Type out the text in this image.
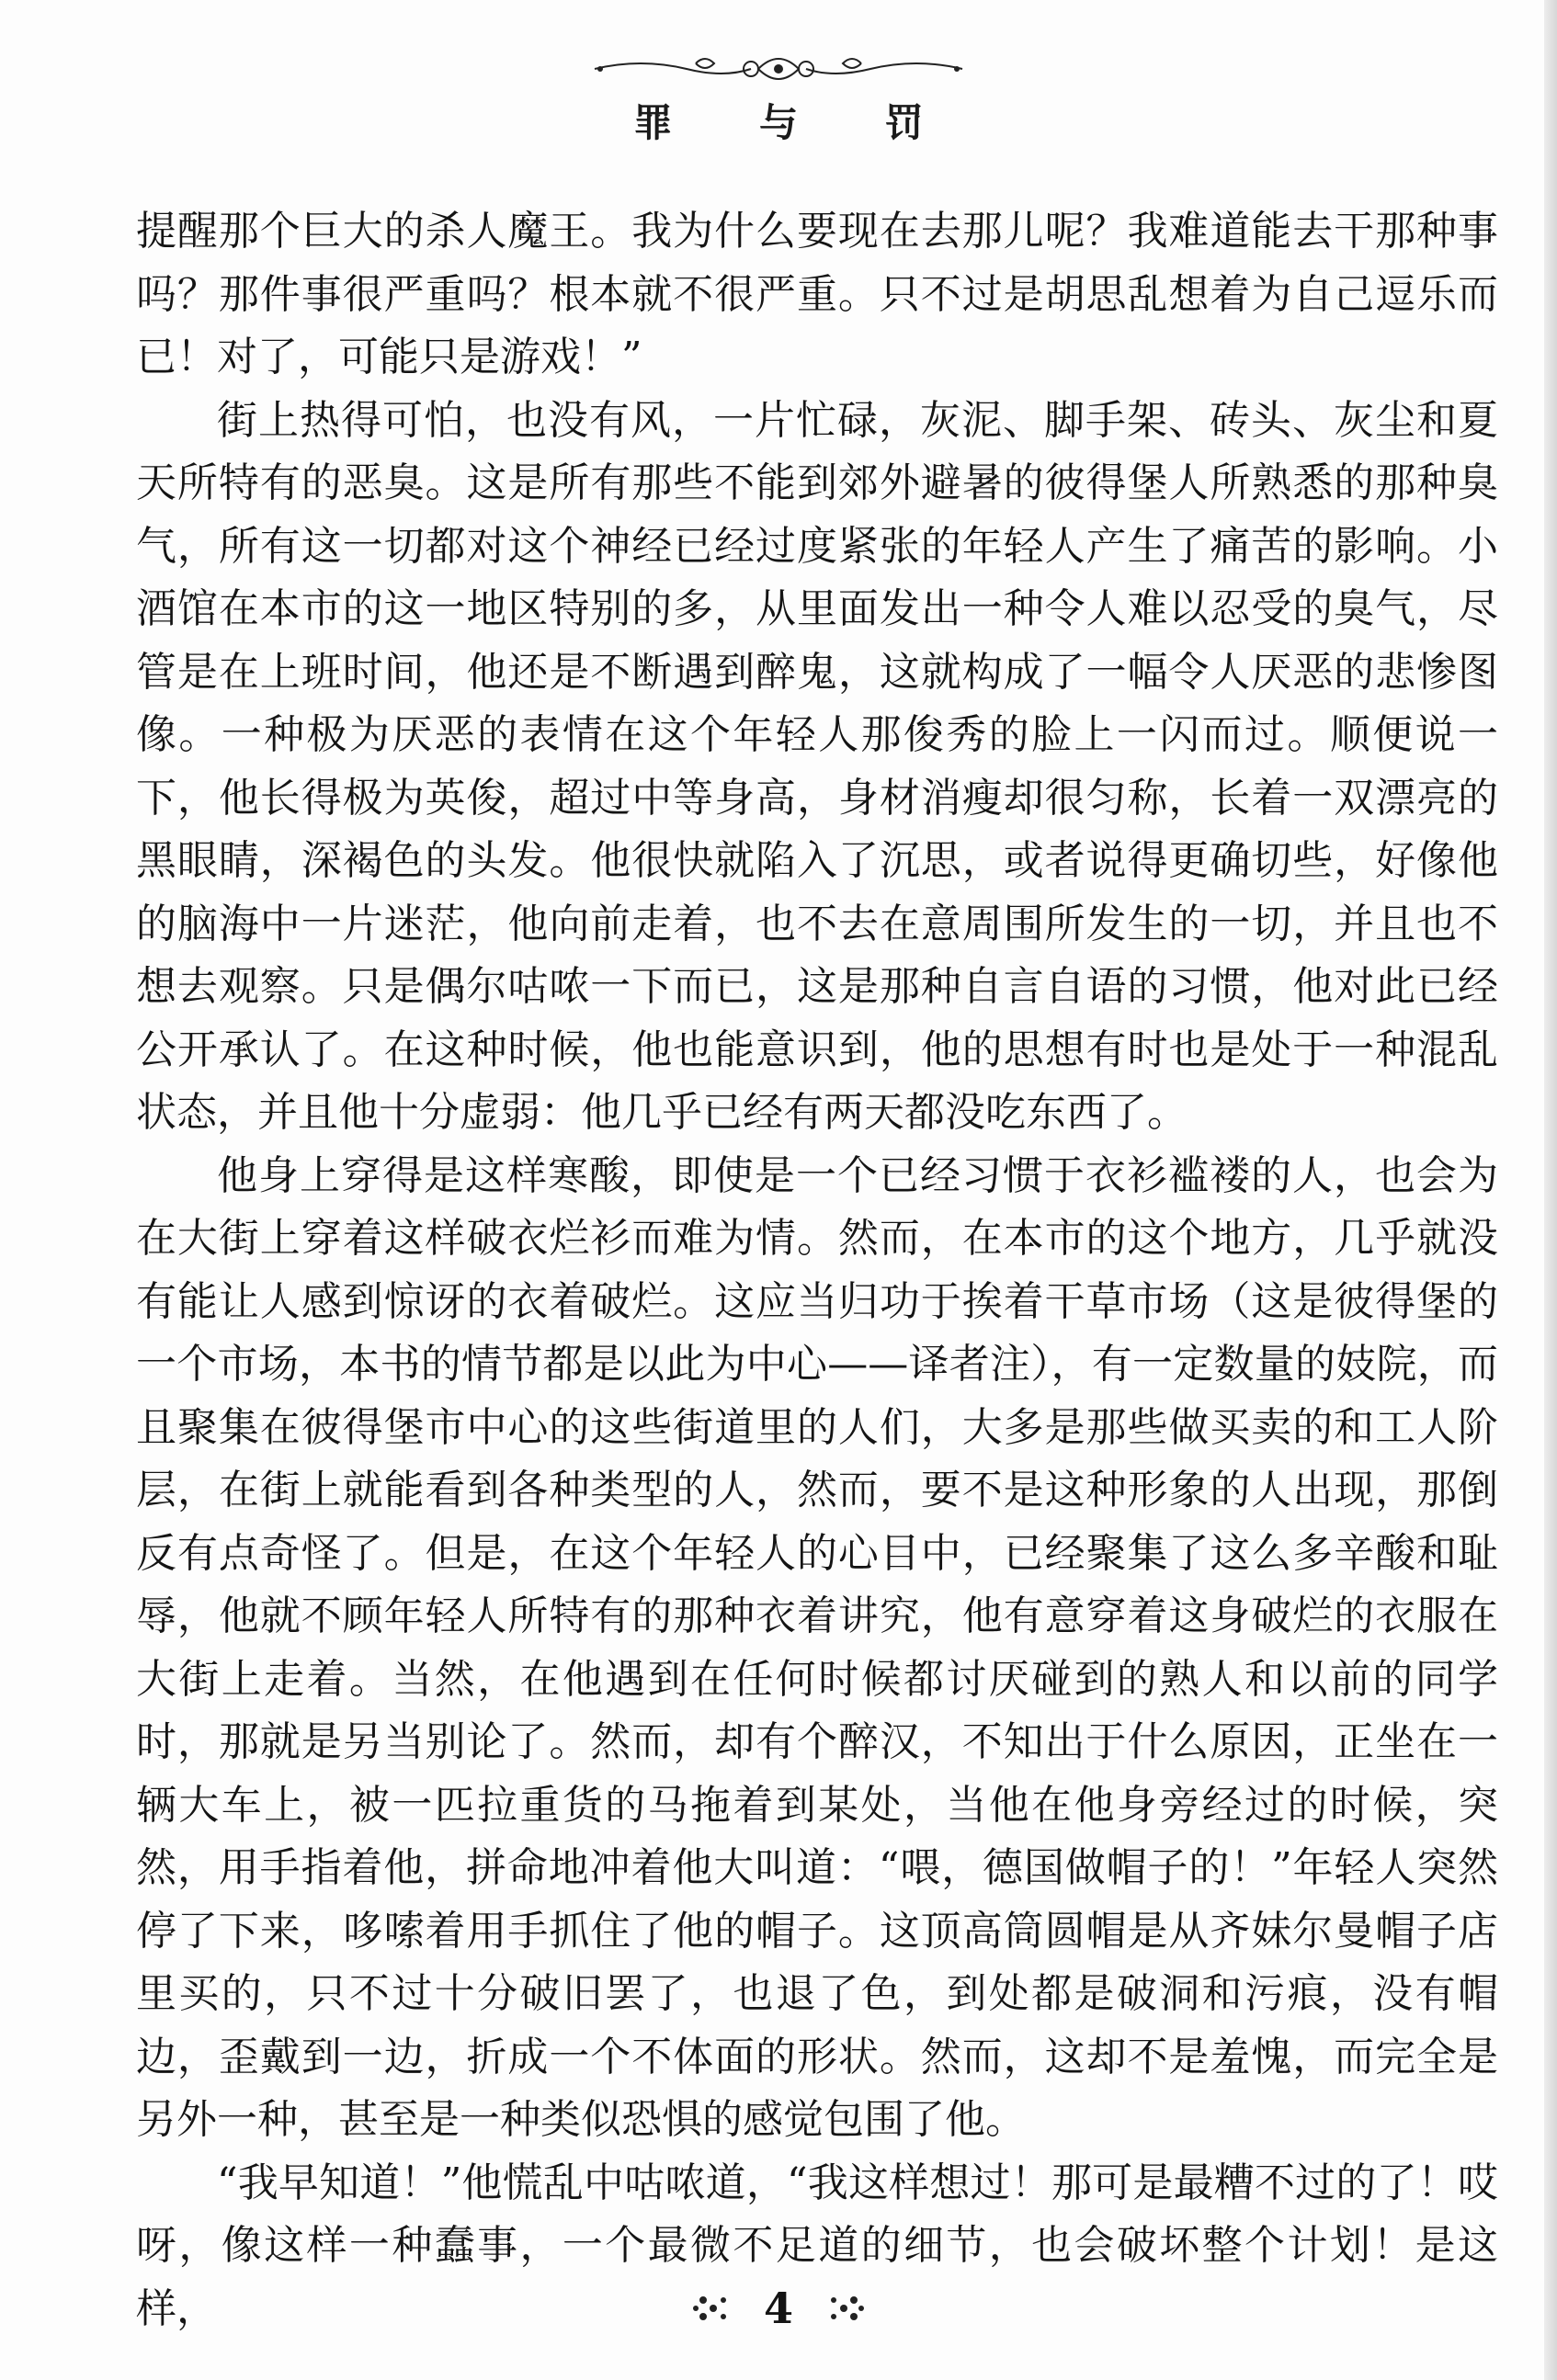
罪 与 罚

提醒那个巨大的杀人魔王。我为什么要现在去那儿呢？我难道能去干那种事吗？那件事很严重吗？根本就不很严重。只不过是胡思乱想着为自己逗乐而已！对了，可能只是游戏！”

街上热得可怕，也没有风，一片忙碌，灰泥、脚手架、砖头、灰尘和夏天所特有的恶臭。这是所有那些不能到郊外避暑的彼得堡人所熟悉的那种臭气，所有这一切都对这个神经已经过度紧张的年轻人产生了痛苦的影响。小酒馆在本市的这一地区特别的多，从里面发出一种令人难以忍受的臭气，尽管是在上班时间，他还是不断遇到醉鬼，这就构成了一幅令人厌恶的悲惨图像。一种极为厌恶的表情在这个年轻人那俊秀的脸上一闪而过。顺便说一下，他长得极为英俊，超过中等身高，身材消瘦却很匀称，长着一双漂亮的黑眼睛，深褐色的头发。他很快就陷入了沉思，或者说得更确切些，好像他的脑海中一片迷茫，他向前走着，也不去在意周围所发生的一切，并且也不想去观察。只是偶尔咕哝一下而已，这是那种自言自语的习惯，他对此已经公开承认了。在这种时候，他也能意识到，他的思想有时也是处于一种混乱状态，并且他十分虚弱：他几乎已经有两天都没吃东西了。

他身上穿得是这样寒酸，即使是一个已经习惯于衣衫褴褛的人，也会为在大街上穿着这样破衣烂衫而难为情。然而，在本市的这个地方，几乎就没有能让人感到惊讶的衣着破烂。这应当归功于挨着干草市场（这是彼得堡的一个市场，本书的情节都是以此为中心——译者注），有一定数量的妓院，而且聚集在彼得堡市中心的这些街道里的人们，大多是那些做买卖的和工人阶层，在街上就能看到各种类型的人，然而，要不是这种形象的人出现，那倒反有点奇怪了。但是，在这个年轻人的心目中，已经聚集了这么多辛酸和耻辱，他就不顾年轻人所特有的那种衣着讲究，他有意穿着这身破烂的衣服在大街上走着。当然，在他遇到在任何时候都讨厌碰到的熟人和以前的同学时，那就是另当别论了。然而，却有个醉汉，不知出于什么原因，正坐在一辆大车上，被一匹拉重货的马拖着到某处，当他在他身旁经过的时候，突然，用手指着他，拼命地冲着他大叫道：“喂，德国做帽子的！”年轻人突然停了下来，哆嗦着用手抓住了他的帽子。这顶高筒圆帽是从齐妹尔曼帽子店里买的，只不过十分破旧罢了，也退了色，到处都是破洞和污痕，没有帽边，歪戴到一边，折成一个不体面的形状。然而，这却不是羞愧，而完全是另外一种，甚至是一种类似恐惧的感觉包围了他。

“我早知道！”他慌乱中咕哝道，“我这样想过！那可是最糟不过的了！哎呀，像这样一种蠢事，一个最微不足道的细节，也会破坏整个计划！是这样，	4
